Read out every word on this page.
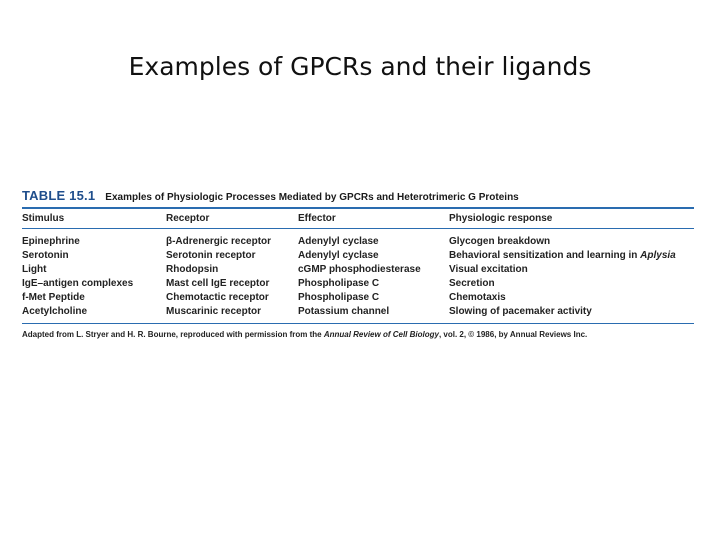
Examples of GPCRs and their ligands
TABLE 15.1 Examples of Physiologic Processes Mediated by GPCRs and Heterotrimeric G Proteins
Stimulus	Receptor	Effector	Physiologic response
Epinephrine	β-Adrenergic receptor	Adenylyl cyclase	Glycogen breakdown
Serotonin	Serotonin receptor	Adenylyl cyclase	Behavioral sensitization and learning in Aplysia
Light	Rhodopsin	cGMP phosphodiesterase	Visual excitation
IgE–antigen complexes	Mast cell IgE receptor	Phospholipase C	Secretion
f-Met Peptide	Chemotactic receptor	Phospholipase C	Chemotaxis
Acetylcholine	Muscarinic receptor	Potassium channel	Slowing of pacemaker activity
Adapted from L. Stryer and H. R. Bourne, reproduced with permission from the Annual Review of Cell Biology, vol. 2, © 1986, by Annual Reviews Inc.
